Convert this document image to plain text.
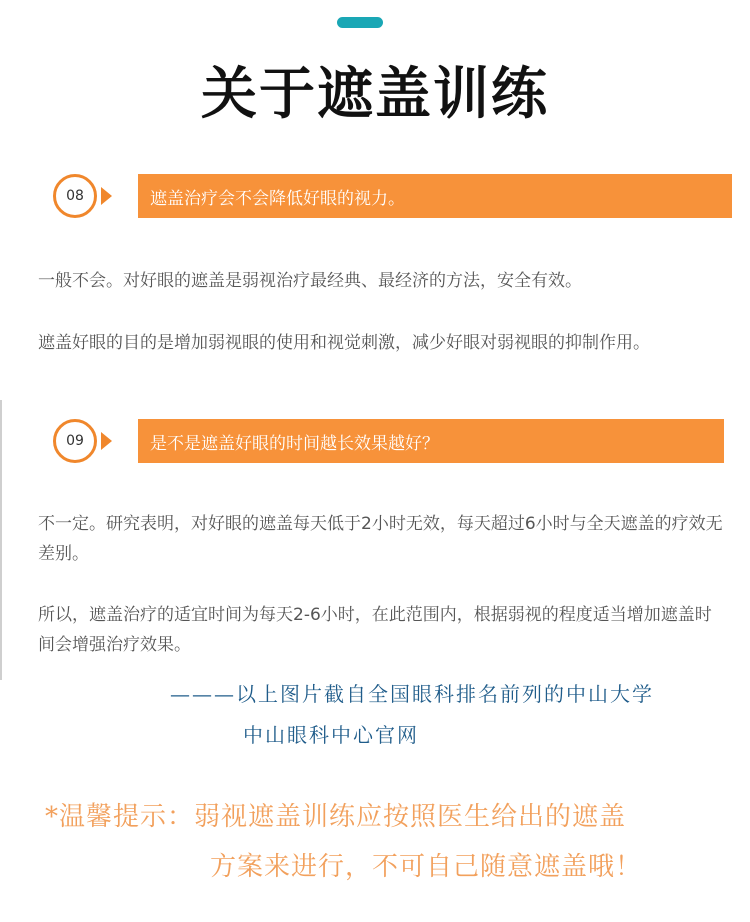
关于遮盖训练
08	遮盖治疗会不会降低好眼的视力。
一般不会。对好眼的遮盖是弱视治疗最经典、最经济的方法，安全有效。
遮盖好眼的目的是增加弱视眼的使用和视觉刺激，减少好眼对弱视眼的抑制作用。
09	是不是遮盖好眼的时间越长效果越好？
不一定。研究表明，对好眼的遮盖每天低于2小时无效，每天超过6小时与全天遮盖的疗效无差别。
所以，遮盖治疗的适宜时间为每天2-6小时，在此范围内，根据弱视的程度适当增加遮盖时间会增强治疗效果。
———以上图片截自全国眼科排名前列的中山大学
中山眼科中心官网
*温馨提示：弱视遮盖训练应按照医生给出的遮盖
方案来进行，不可自己随意遮盖哦！
